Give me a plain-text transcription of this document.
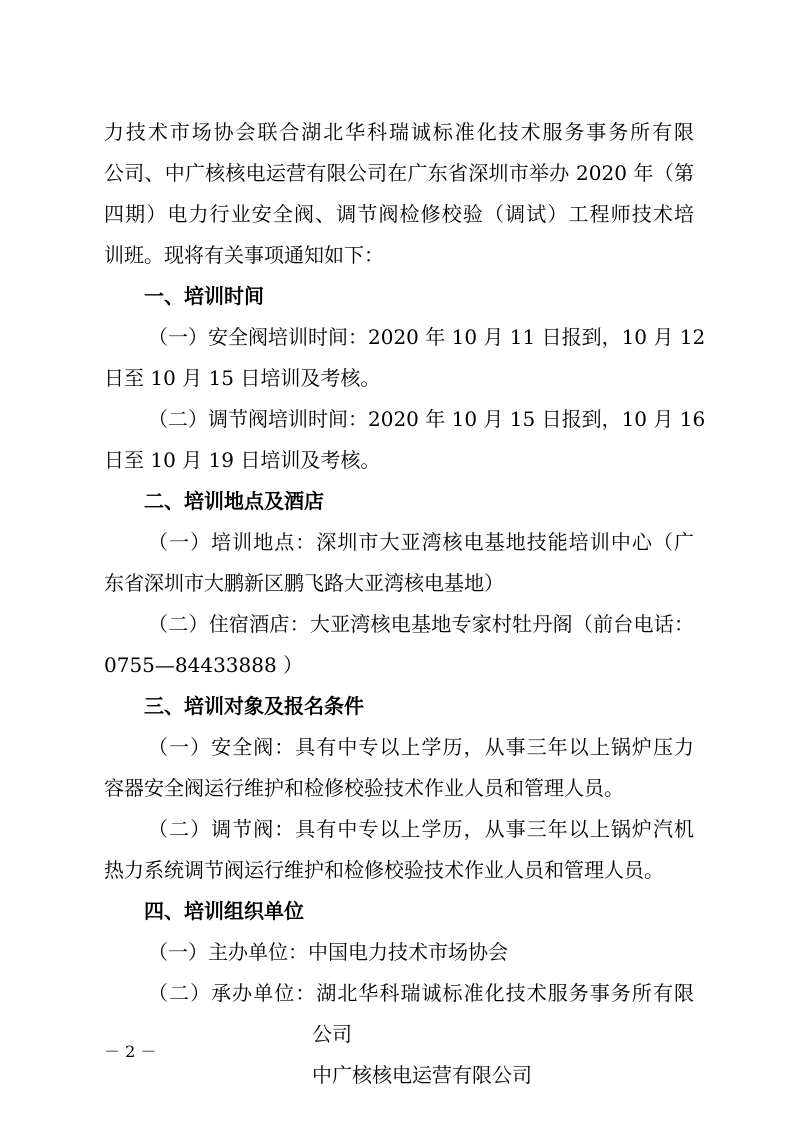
力技术市场协会联合湖北华科瑞诚标准化技术服务事务所有限
公司、中广核核电运营有限公司在广东省深圳市举办 2020 年（第
四期）电力行业安全阀、调节阀检修校验（调试）工程师技术培
训班。现将有关事项通知如下：
一、培训时间
（一）安全阀培训时间：2020 年 10 月 11 日报到，10 月 12
日至 10 月 15 日培训及考核。
（二）调节阀培训时间：2020 年 10 月 15 日报到，10 月 16
日至 10 月 19 日培训及考核。
二、培训地点及酒店
（一）培训地点：深圳市大亚湾核电基地技能培训中心（广
东省深圳市大鹏新区鹏飞路大亚湾核电基地）
（二）住宿酒店：大亚湾核电基地专家村牡丹阁（前台电话：
0755—84433888 ）
三、培训对象及报名条件
（一）安全阀：具有中专以上学历，从事三年以上锅炉压力
容器安全阀运行维护和检修校验技术作业人员和管理人员。
（二）调节阀：具有中专以上学历，从事三年以上锅炉汽机
热力系统调节阀运行维护和检修校验技术作业人员和管理人员。
四、培训组织单位
（一）主办单位：中国电力技术市场协会
（二）承办单位：湖北华科瑞诚标准化技术服务事务所有限
公司
中广核核电运营有限公司
－ 2 －
